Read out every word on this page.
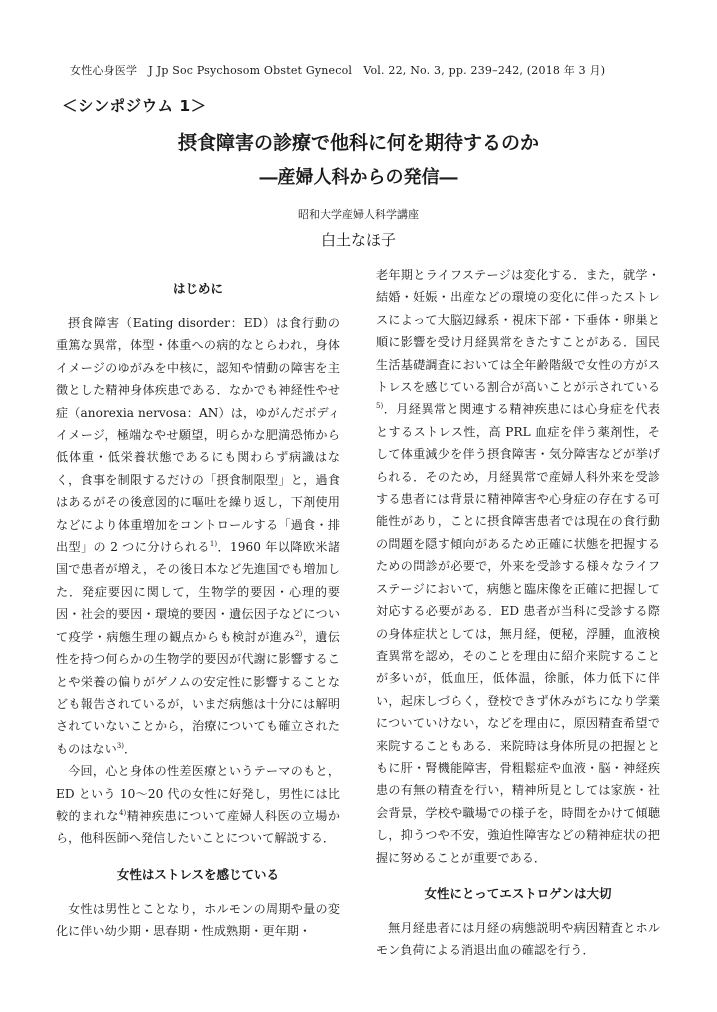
女性心身医学　J Jp Soc Psychosom Obstet Gynecol　Vol. 22, No. 3, pp. 239–242, (2018 年 3 月)
＜シンポジウム 1＞
摂食障害の診療で他科に何を期待するのか
―産婦人科からの発信―
昭和大学産婦人科学講座
白土なほ子
はじめに

摂食障害（Eating disorder：ED）は食行動の重篤な異常，体型・体重への病的なとらわれ，身体イメージのゆがみを中核に，認知や情動の障害を主徴とした精神身体疾患である．なかでも神経性やせ症（anorexia nervosa：AN）は，ゆがんだボディイメージ，極端なやせ願望，明らかな肥満恐怖から低体重・低栄養状態であるにも関わらず病識はなく，食事を制限するだけの「摂食制限型」と，過食はあるがその後意図的に嘔吐を繰り返し，下剤使用などにより体重増加をコントロールする「過食・排出型」の 2 つに分けられる$^{1)}$．1960 年以降欧米諸国で患者が増え，その後日本など先進国でも増加した．発症要因に関して，生物学的要因・心理的要因・社会的要因・環境的要因・遺伝因子などについて疫学・病態生理の観点からも検討が進み$^{2)}$，遺伝性を持つ何らかの生物学的要因が代謝に影響することや栄養の偏りがゲノムの安定性に影響することなども報告されているが，いまだ病態は十分には解明されていないことから，治療についても確立されたものはない$^{3)}$．

今回，心と身体の性差医療というテーマのもと，ED という 10～20 代の女性に好発し，男性には比較的まれな$^{4)}$精神疾患について産婦人科医の立場から，他科医師へ発信したいことについて解説する．

女性はストレスを感じている

女性は男性とことなり，ホルモンの周期や量の変化に伴い幼少期・思春期・性成熟期・更年期・

老年期とライフステージは変化する．また，就学・結婚・妊娠・出産などの環境の変化に伴ったストレスによって大脳辺縁系・視床下部・下垂体・卵巣と順に影響を受け月経異常をきたすことがある．国民生活基礎調査においては全年齢階級で女性の方がストレスを感じている割合が高いことが示されている$^{5)}$．月経異常と関連する精神疾患には心身症を代表とするストレス性，高 PRL 血症を伴う薬剤性，そして体重減少を伴う摂食障害・気分障害などが挙げられる．そのため，月経異常で産婦人科外来を受診する患者には背景に精神障害や心身症の存在する可能性があり，ことに摂食障害患者では現在の食行動の問題を隠す傾向があるため正確に状態を把握するための問診が必要で，外来を受診する様々なライフステージにおいて，病態と臨床像を正確に把握して対応する必要がある．ED 患者が当科に受診する際の身体症状としては，無月経，便秘，浮腫，血液検査異常を認め，そのことを理由に紹介来院することが多いが，低血圧，低体温，徐脈，体力低下に伴い，起床しづらく，登校できず休みがちになり学業についていけない，などを理由に，原因精査希望で来院することもある．来院時は身体所見の把握とともに肝・腎機能障害，骨粗鬆症や血液・脳・神経疾患の有無の精査を行い，精神所見としては家族・社会背景，学校や職場での様子を，時間をかけて傾聴し，抑うつや不安，強迫性障害などの精神症状の把握に努めることが重要である．

女性にとってエストロゲンは大切

無月経患者には月経の病態説明や病因精査とホルモン負荷による消退出血の確認を行う．
